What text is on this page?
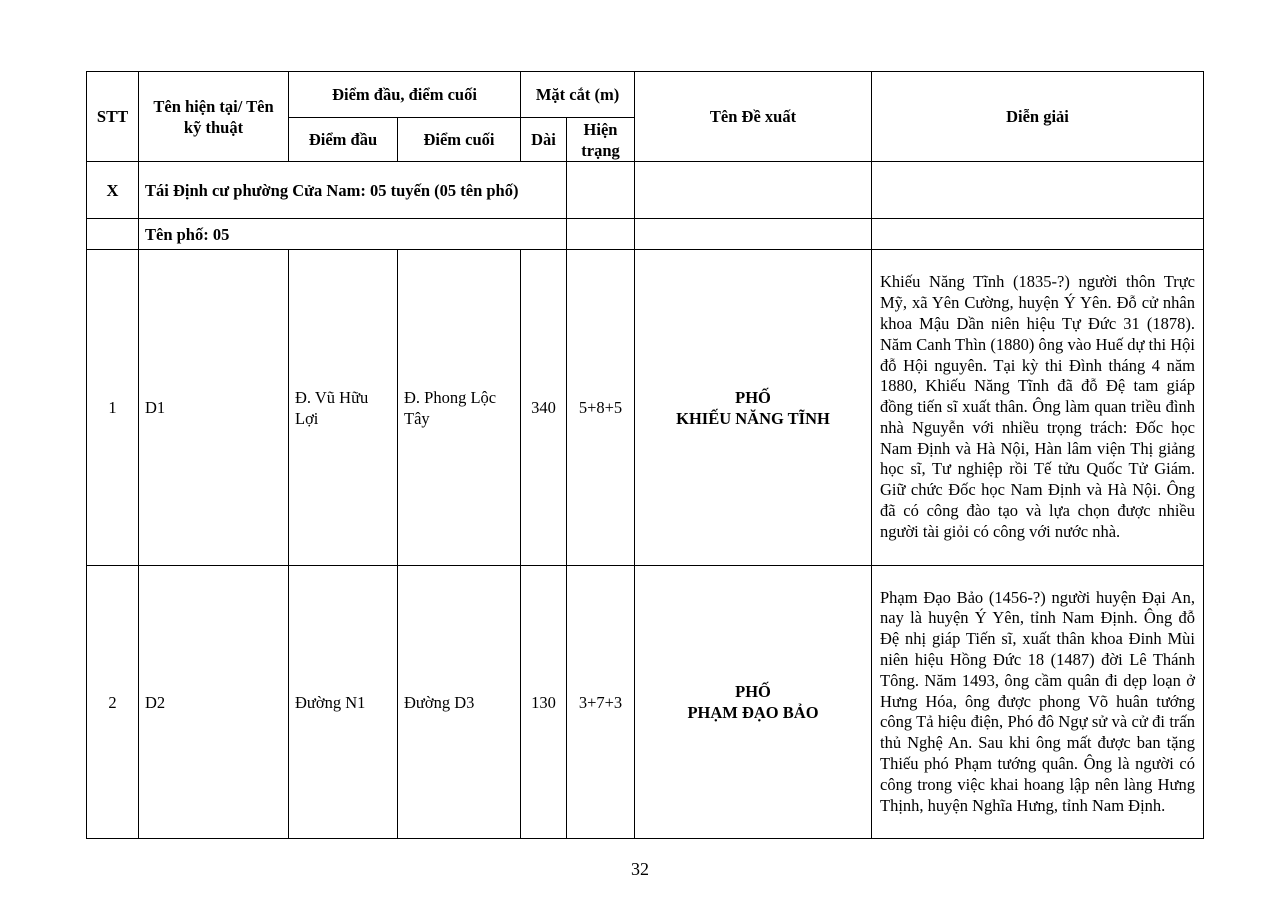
STT	Tên hiện tại/ Tên kỹ thuật	Điểm đầu, điểm cuối		Mặt cắt (m)		Tên Đề xuất	Diễn giải
		Điểm đầu	Điểm cuối	Dài	Hiện trạng		
X	Tái Định cư phường Cửa Nam: 05 tuyến (05 tên phố)						
	Tên phố: 05						
1	D1	Đ. Vũ Hữu Lợi	Đ. Phong Lộc Tây	340	5+8+5	PHỐ
KHIẾU NĂNG TĨNH	Khiếu Năng Tĩnh (1835-?) người thôn Trực Mỹ, xã Yên Cường, huyện Ý Yên. Đỗ cử nhân khoa Mậu Dần niên hiệu Tự Đức 31 (1878). Năm Canh Thìn (1880) ông vào Huế dự thi Hội đỗ Hội nguyên. Tại kỳ thi Đình tháng 4 năm 1880, Khiếu Năng Tĩnh đã đỗ Đệ tam giáp đồng tiến sĩ xuất thân. Ông làm quan triều đình nhà Nguyễn với nhiều trọng trách: Đốc học Nam Định và Hà Nội, Hàn lâm viện Thị giảng học sĩ, Tư nghiệp rồi Tế tửu Quốc Tử Giám. Giữ chức Đốc học Nam Định và Hà Nội. Ông đã có công đào tạo và lựa chọn được nhiều người tài giỏi có công với nước nhà.
2	D2	Đường N1	Đường D3	130	3+7+3	PHỐ
PHẠM ĐẠO BẢO	Phạm Đạo Bảo (1456-?) người huyện Đại An, nay là huyện Ý Yên, tỉnh Nam Định. Ông đỗ Đệ nhị giáp Tiến sĩ, xuất thân khoa Đinh Mùi niên hiệu Hồng Đức 18 (1487) đời Lê Thánh Tông. Năm 1493, ông cầm quân đi dẹp loạn ở Hưng Hóa, ông được phong Võ huân tướng công Tả hiệu điện, Phó đô Ngự sử và cử đi trấn thủ Nghệ An. Sau khi ông mất được ban tặng Thiếu phó Phạm tướng quân. Ông là người có công trong việc khai hoang lập nên làng Hưng Thịnh, huyện Nghĩa Hưng, tỉnh Nam Định.
32
